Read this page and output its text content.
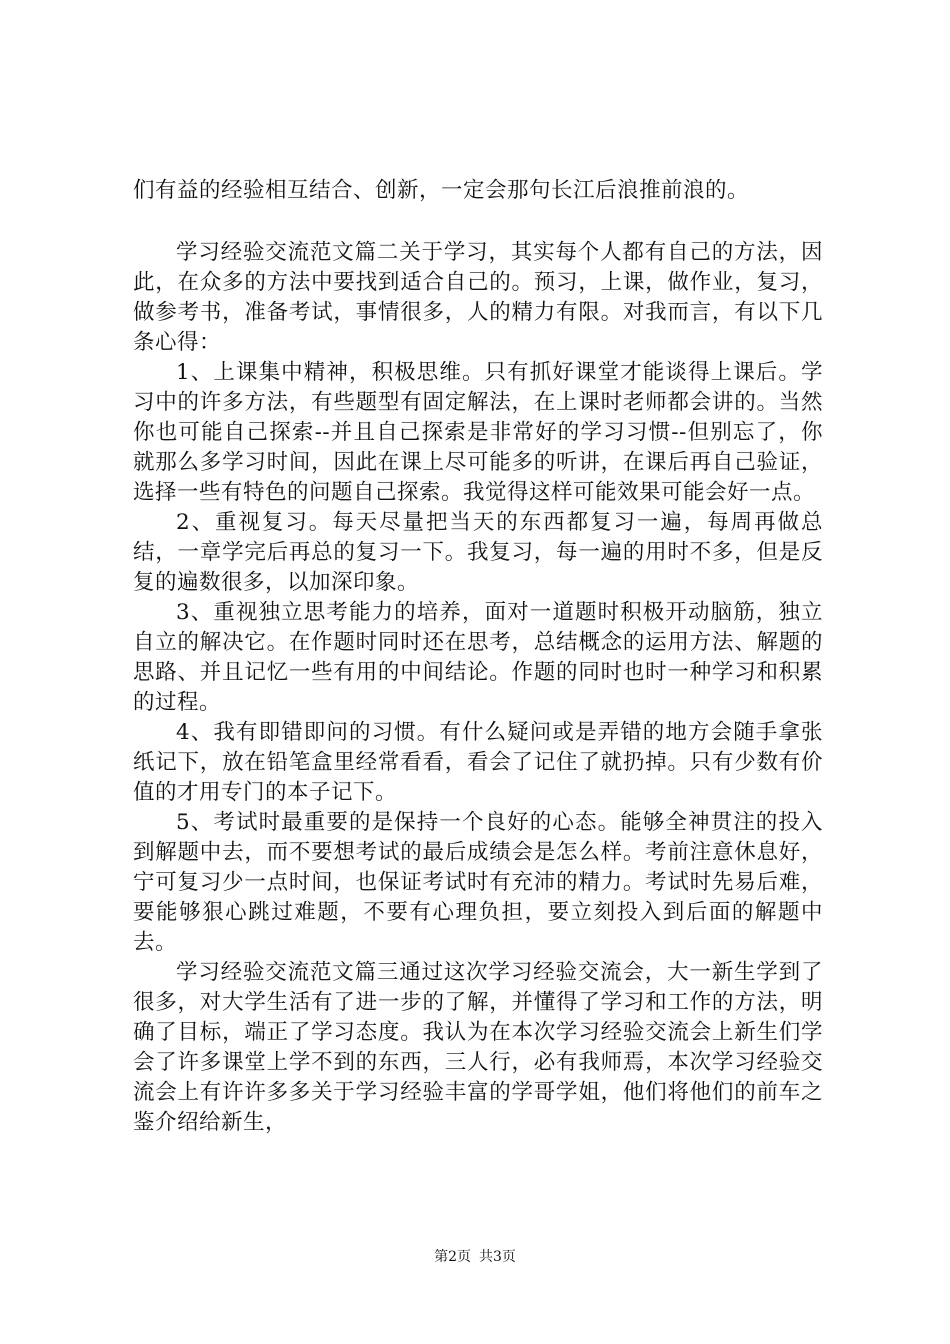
们有益的经验相互结合、创新，一定会那句长江后浪推前浪的。

学习经验交流范文篇二关于学习，其实每个人都有自己的方法，因此，在众多的方法中要找到适合自己的。预习，上课，做作业，复习，做参考书，准备考试，事情很多，人的精力有限。对我而言，有以下几条心得：

1、上课集中精神，积极思维。只有抓好课堂才能谈得上课后。学习中的许多方法，有些题型有固定解法，在上课时老师都会讲的。当然你也可能自己探索--并且自己探索是非常好的学习习惯--但别忘了，你就那么多学习时间，因此在课上尽可能多的听讲，在课后再自己验证，选择一些有特色的问题自己探索。我觉得这样可能效果可能会好一点。

2、重视复习。每天尽量把当天的东西都复习一遍，每周再做总结，一章学完后再总的复习一下。我复习，每一遍的用时不多，但是反复的遍数很多，以加深印象。

3、重视独立思考能力的培养，面对一道题时积极开动脑筋，独立自立的解决它。在作题时同时还在思考，总结概念的运用方法、解题的思路、并且记忆一些有用的中间结论。作题的同时也时一种学习和积累的过程。

4、我有即错即问的习惯。有什么疑问或是弄错的地方会随手拿张纸记下，放在铅笔盒里经常看看，看会了记住了就扔掉。只有少数有价值的才用专门的本子记下。

5、考试时最重要的是保持一个良好的心态。能够全神贯注的投入到解题中去，而不要想考试的最后成绩会是怎么样。考前注意休息好，宁可复习少一点时间，也保证考试时有充沛的精力。考试时先易后难，要能够狠心跳过难题，不要有心理负担，要立刻投入到后面的解题中去。

学习经验交流范文篇三通过这次学习经验交流会，大一新生学到了很多，对大学生活有了进一步的了解，并懂得了学习和工作的方法，明确了目标，端正了学习态度。我认为在本次学习经验交流会上新生们学会了许多课堂上学不到的东西，三人行，必有我师焉，本次学习经验交流会上有许许多多关于学习经验丰富的学哥学姐，他们将他们的前车之鉴介绍给新生，

第2页 共3页
